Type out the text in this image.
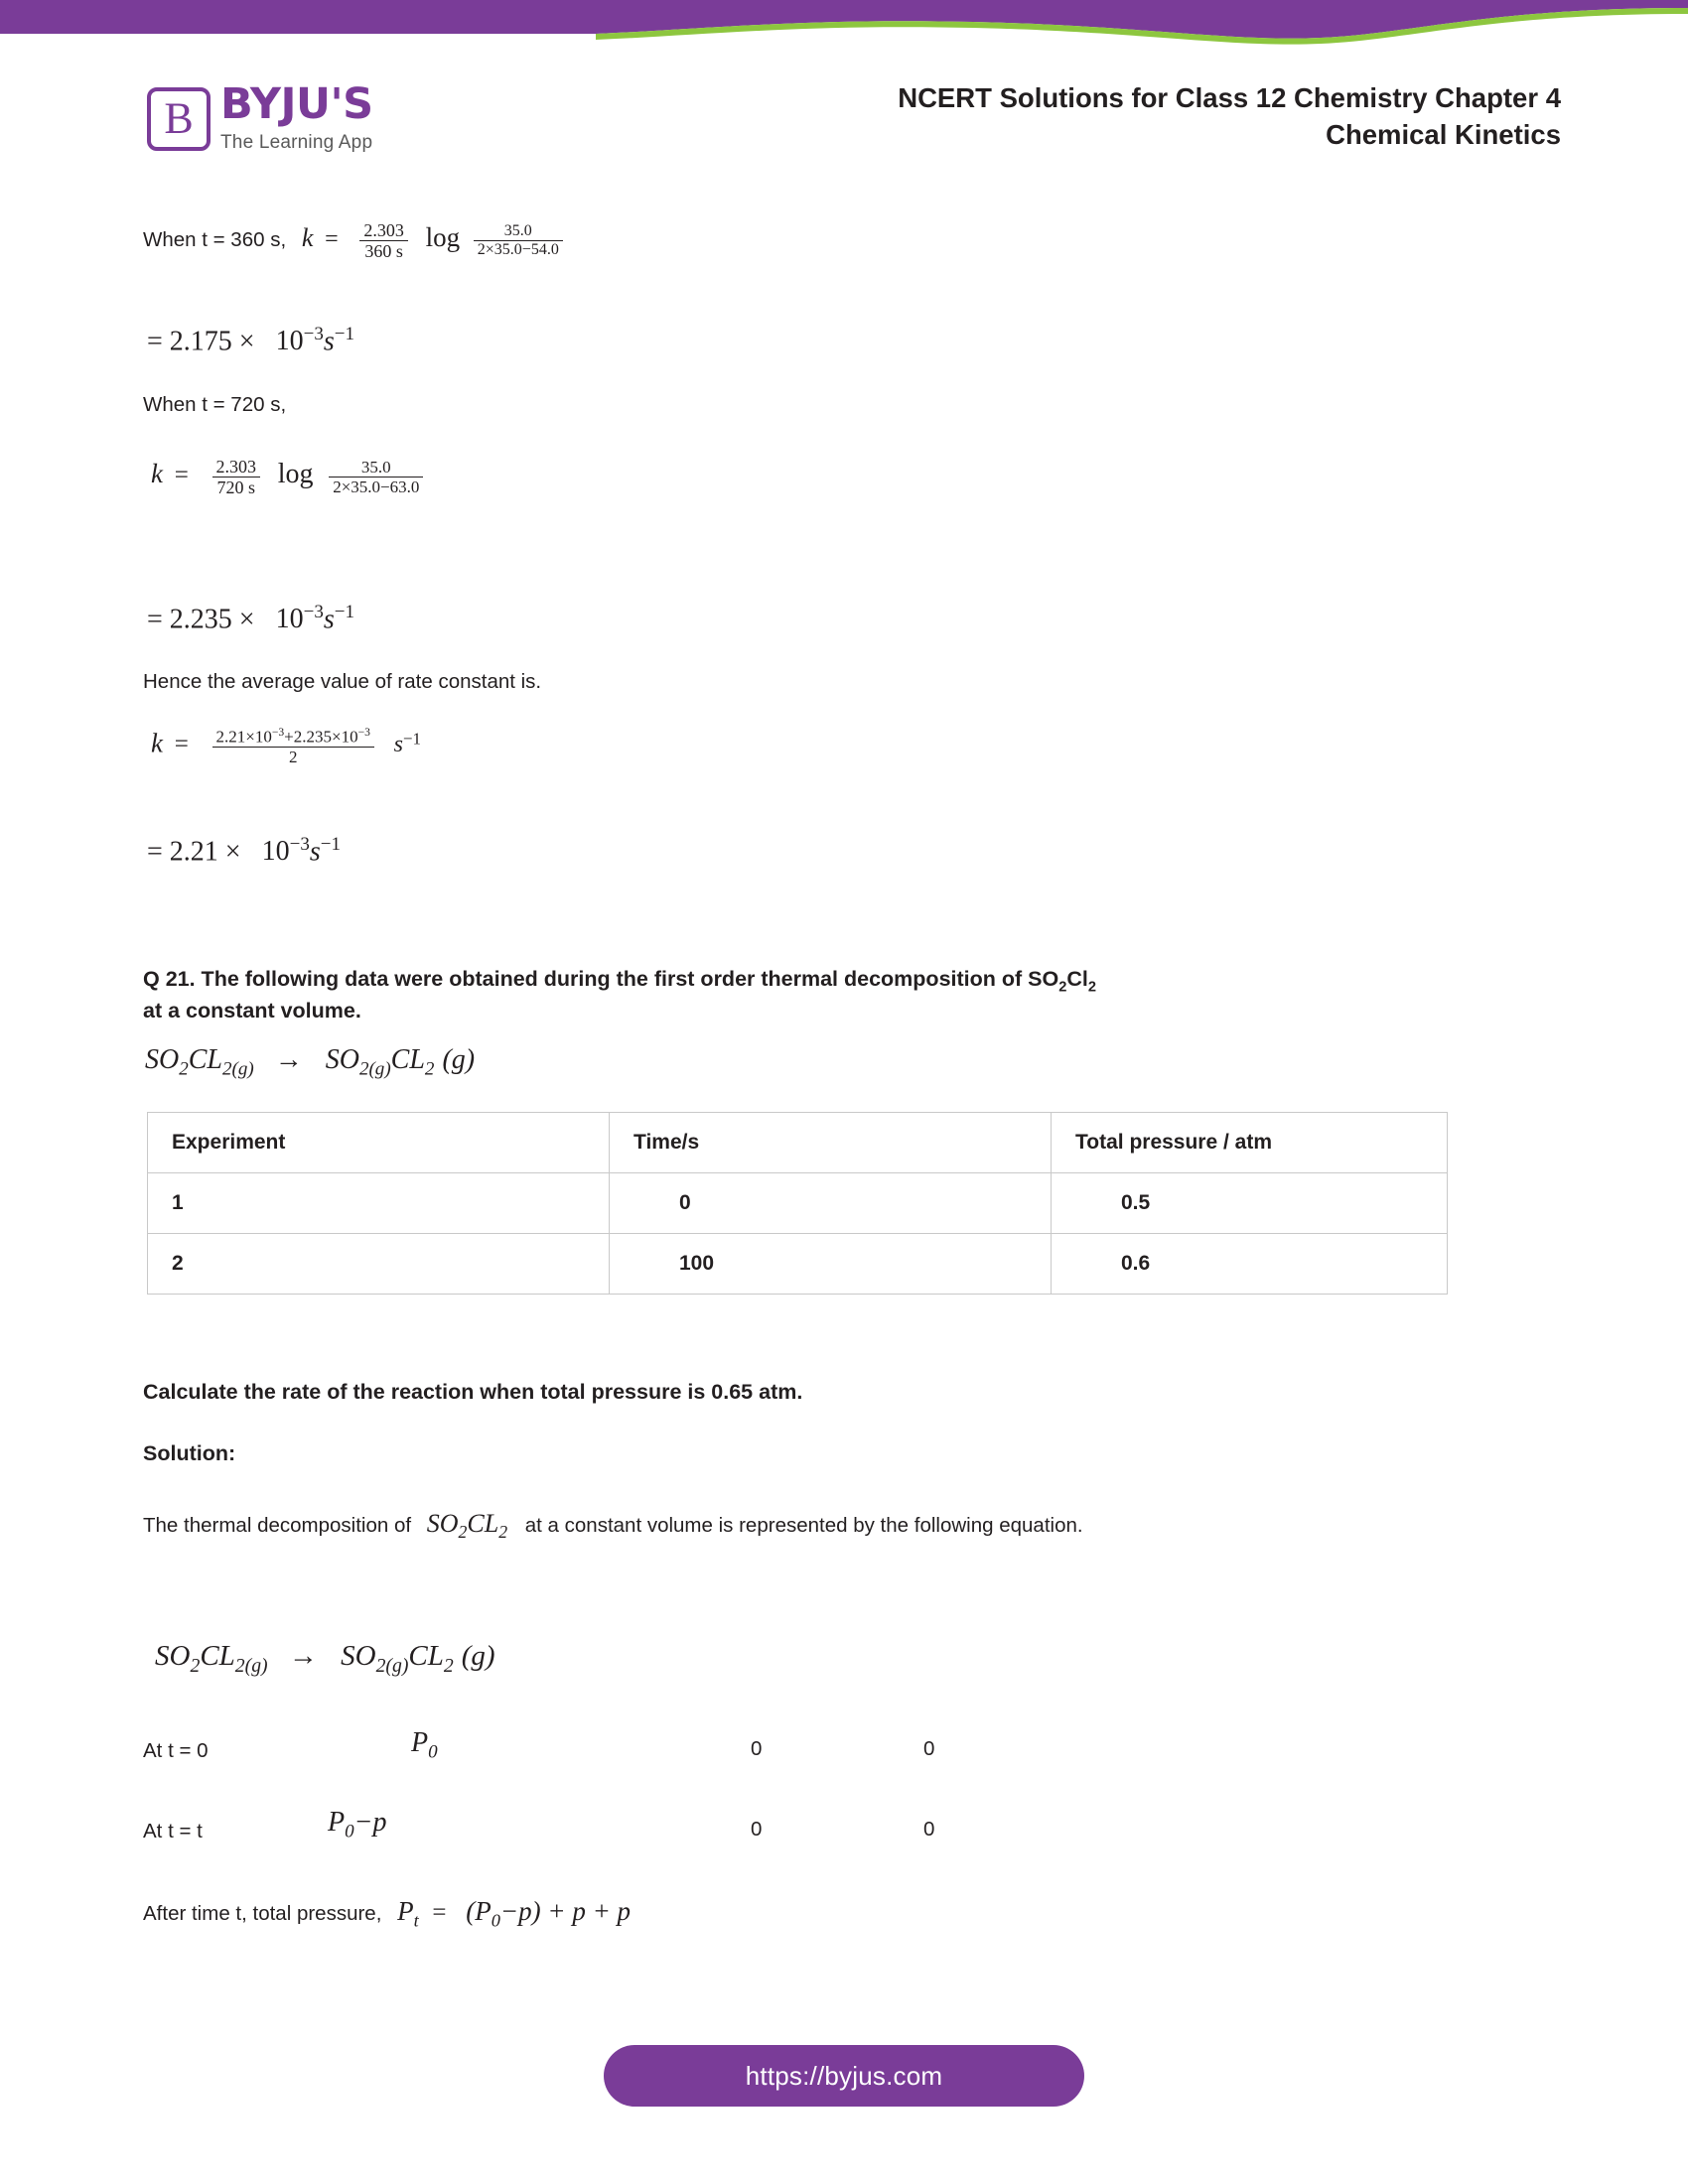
B BYJU'S
The Learning App
NCERT Solutions for Class 12 Chemistry Chapter 4
Chemical Kinetics
When t = 360 s, $k = \frac{2.303}{360 s}$ $\log \frac{35.0}{2\times 35.0-54.0}$
= $2.175 \times 10^{-3}s^{-1}$
When t = 720 s,
$k = \frac{2.303}{720 s}$ $\log \frac{35.0}{2\times 35.0-63.0}$
= $2.235 \times 10^{-3}s^{-1}$
Hence the average value of rate constant is.
$k = \frac{2.21\times 10^{-3}+2.235\times 10^{-3}}{2} s^{-1}$
= $2.21 \times 10^{-3}s^{-1}$
Q 21. The following data were obtained during the first order thermal decomposition of $SO_2Cl_2$
at a constant volume.
$SO_2CL_{2(g)} \to SO_{2(g)}CL_2$ (g)
Experiment	Time/s	Total pressure / atm
1	0	0.5
2	100	0.6
Calculate the rate of the reaction when total pressure is 0.65 atm.
Solution:
The thermal decomposition of $SO_2CL_2$ at a constant volume is represented by the following equation.
$SO_2CL_{2(g)} \to SO_{2(g)}CL_2$ (g)
At t = 0	$P_0$	0	0
At t = t	$P_0-p$	0	0
After time t, total pressure, $P_t = (P_0-p) + p + p$
https://byjus.com
